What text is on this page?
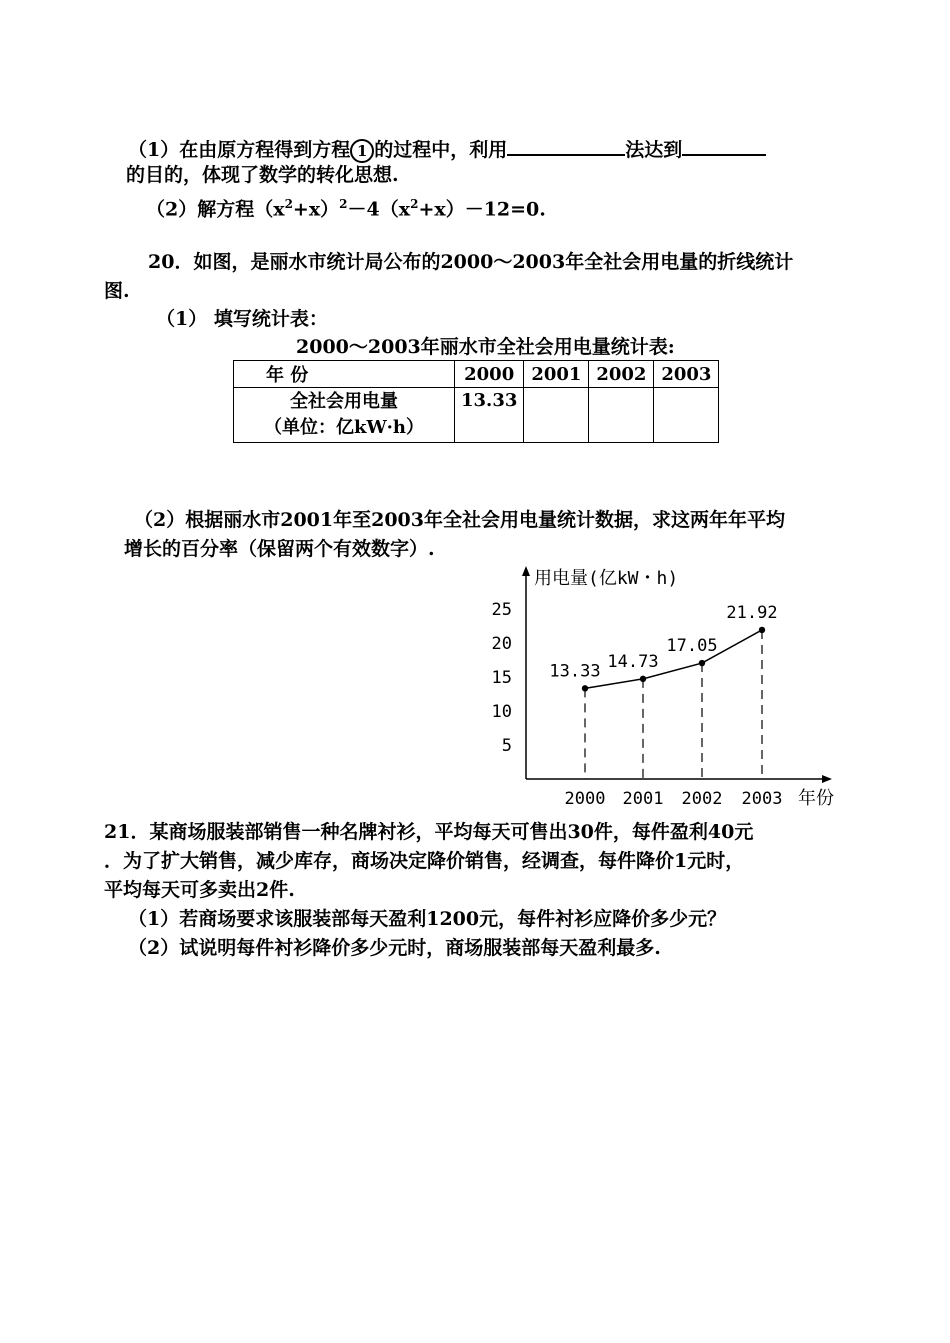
（1）在由原方程得到方程 1 的过程中，利用	法达到
的目的，体现了数学的转化思想.
（2）解方程$(x^2+x)^2-4(x^2+x)-12=0$.
20．如图，是丽水市统计局公布的2000～2003年全社会用电量的折线统计
图.
（1） 填写统计表：
2000～2003年丽水市全社会用电量统计表:
年 份	2000	2001	2002	2003

全社会用电量
（单位：亿kW·h）	13.33			
（2）根据丽水市2001年至2003年全社会用电量统计数据，求这两年年平均
增长的百分率（保留两个有效数字）.
用电量(亿kW・h)
年份
5
10
15
20
25
13.33 14.73
17.05
21.92
2000 2001 2002 2003
21．某商场服装部销售一种名牌衬衫，平均每天可售出30件，每件盈利40元
．为了扩大销售，减少库存，商场决定降价销售，经调查，每件降价1元时，
平均每天可多卖出2件.
（1）若商场要求该服装部每天盈利1200元，每件衬衫应降价多少元？
（2）试说明每件衬衫降价多少元时，商场服装部每天盈利最多.
